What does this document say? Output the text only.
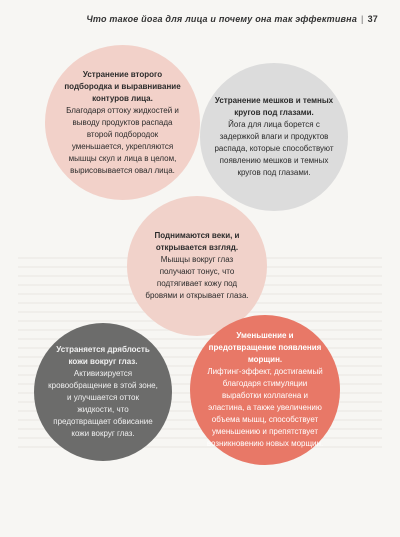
Что такое йога для лица и почему она так эффективна | 37
Устранение второго подбородка и выравнивание контуров лица.
Благодаря оттоку жидкостей и выводу продуктов распада второй подбородок уменьшается, укрепляются мышцы скул и лица в целом, вырисовывается овал лица.
Устранение мешков и темных кругов под глазами.
Йога для лица борется с задержкой влаги и продуктов распада, которые способствуют появлению мешков и темных кругов под глазами.
Поднимаются веки, и открывается взгляд.
Мышцы вокруг глаз получают тонус, что подтягивает кожу под бровями и открывает глаза.
Устраняется дряблость кожи вокруг глаз.
Активизируется кровообращение в этой зоне, и улучшается отток жидкости, что предотвращает обвисание кожи вокруг глаз.
Уменьшение и предотвращение появления морщин.
Лифтинг-эффект, достигаемый благодаря стимуляции выработки коллагена и эластина, а также увеличению объема мышц, способствует уменьшению и препятствует возникновению новых морщин.
